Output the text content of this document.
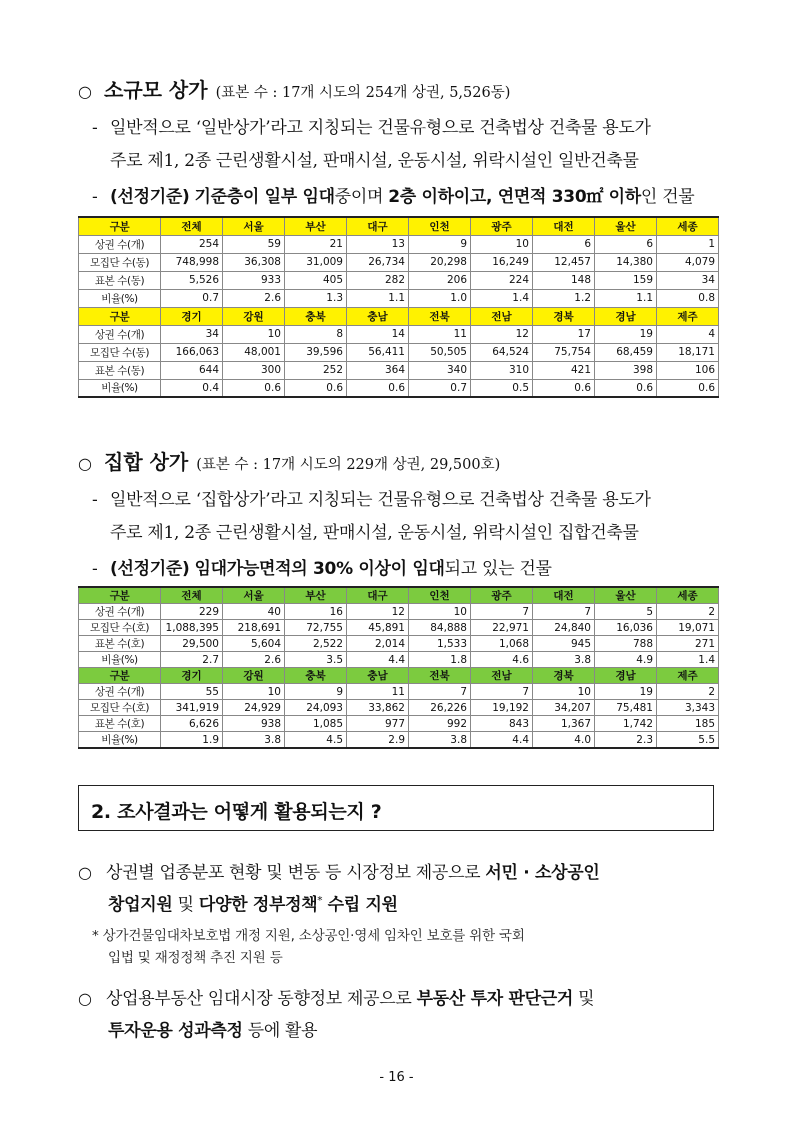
○ 소규모 상가 (표본 수 : 17개 시도의 254개 상권, 5,526동)
- 일반적으로 ‘일반상가’라고 지칭되는 건물유형으로 건축법상 건축물 용도가
주로 제1, 2종 근린생활시설, 판매시설, 운동시설, 위락시설인 일반건축물
- (선정기준) 기준층이 일부 임대중이며 2층 이하이고, 연면적 330㎡ 이하인 건물
구분	전체	서울	부산	대구	인천	광주	대전	울산	세종
상권 수(개)	254	59	21	13	9	10	6	6	1
모집단 수(동)	748,998	36,308	31,009	26,734	20,298	16,249	12,457	14,380	4,079
표본 수(동)	5,526	933	405	282	206	224	148	159	34
비율(%)	0.7	2.6	1.3	1.1	1.0	1.4	1.2	1.1	0.8
구분	경기	강원	충북	충남	전북	전남	경북	경남	제주
상권 수(개)	34	10	8	14	11	12	17	19	4
모집단 수(동)	166,063	48,001	39,596	56,411	50,505	64,524	75,754	68,459	18,171
표본 수(동)	644	300	252	364	340	310	421	398	106
비율(%)	0.4	0.6	0.6	0.6	0.7	0.5	0.6	0.6	0.6
○ 집합 상가 (표본 수 : 17개 시도의 229개 상권, 29,500호)
- 일반적으로 ‘집합상가’라고 지칭되는 건물유형으로 건축법상 건축물 용도가
주로 제1, 2종 근린생활시설, 판매시설, 운동시설, 위락시설인 집합건축물
- (선정기준) 임대가능면적의 30% 이상이 임대되고 있는 건물
구분	전체	서울	부산	대구	인천	광주	대전	울산	세종
상권 수(개)	229	40	16	12	10	7	7	5	2
모집단 수(호)	1,088,395	218,691	72,755	45,891	84,888	22,971	24,840	16,036	19,071
표본 수(호)	29,500	5,604	2,522	2,014	1,533	1,068	945	788	271
비율(%)	2.7	2.6	3.5	4.4	1.8	4.6	3.8	4.9	1.4
구분	경기	강원	충북	충남	전북	전남	경북	경남	제주
상권 수(개)	55	10	9	11	7	7	10	19	2
모집단 수(호)	341,919	24,929	24,093	33,862	26,226	19,192	34,207	75,481	3,343
표본 수(호)	6,626	938	1,085	977	992	843	1,367	1,742	185
비율(%)	1.9	3.8	4.5	2.9	3.8	4.4	4.0	2.3	5.5
2. 조사결과는 어떻게 활용되는지 ?
○ 상권별 업종분포 현황 및 변동 등 시장정보 제공으로 서민 · 소상공인
창업지원 및 다양한 정부정책* 수립 지원
* 상가건물임대차보호법 개정 지원, 소상공인·영세 임차인 보호를 위한 국회
입법 및 재정정책 추진 지원 등
○ 상업용부동산 임대시장 동향정보 제공으로 부동산 투자 판단근거 및
투자운용 성과측정 등에 활용
- 16 -
